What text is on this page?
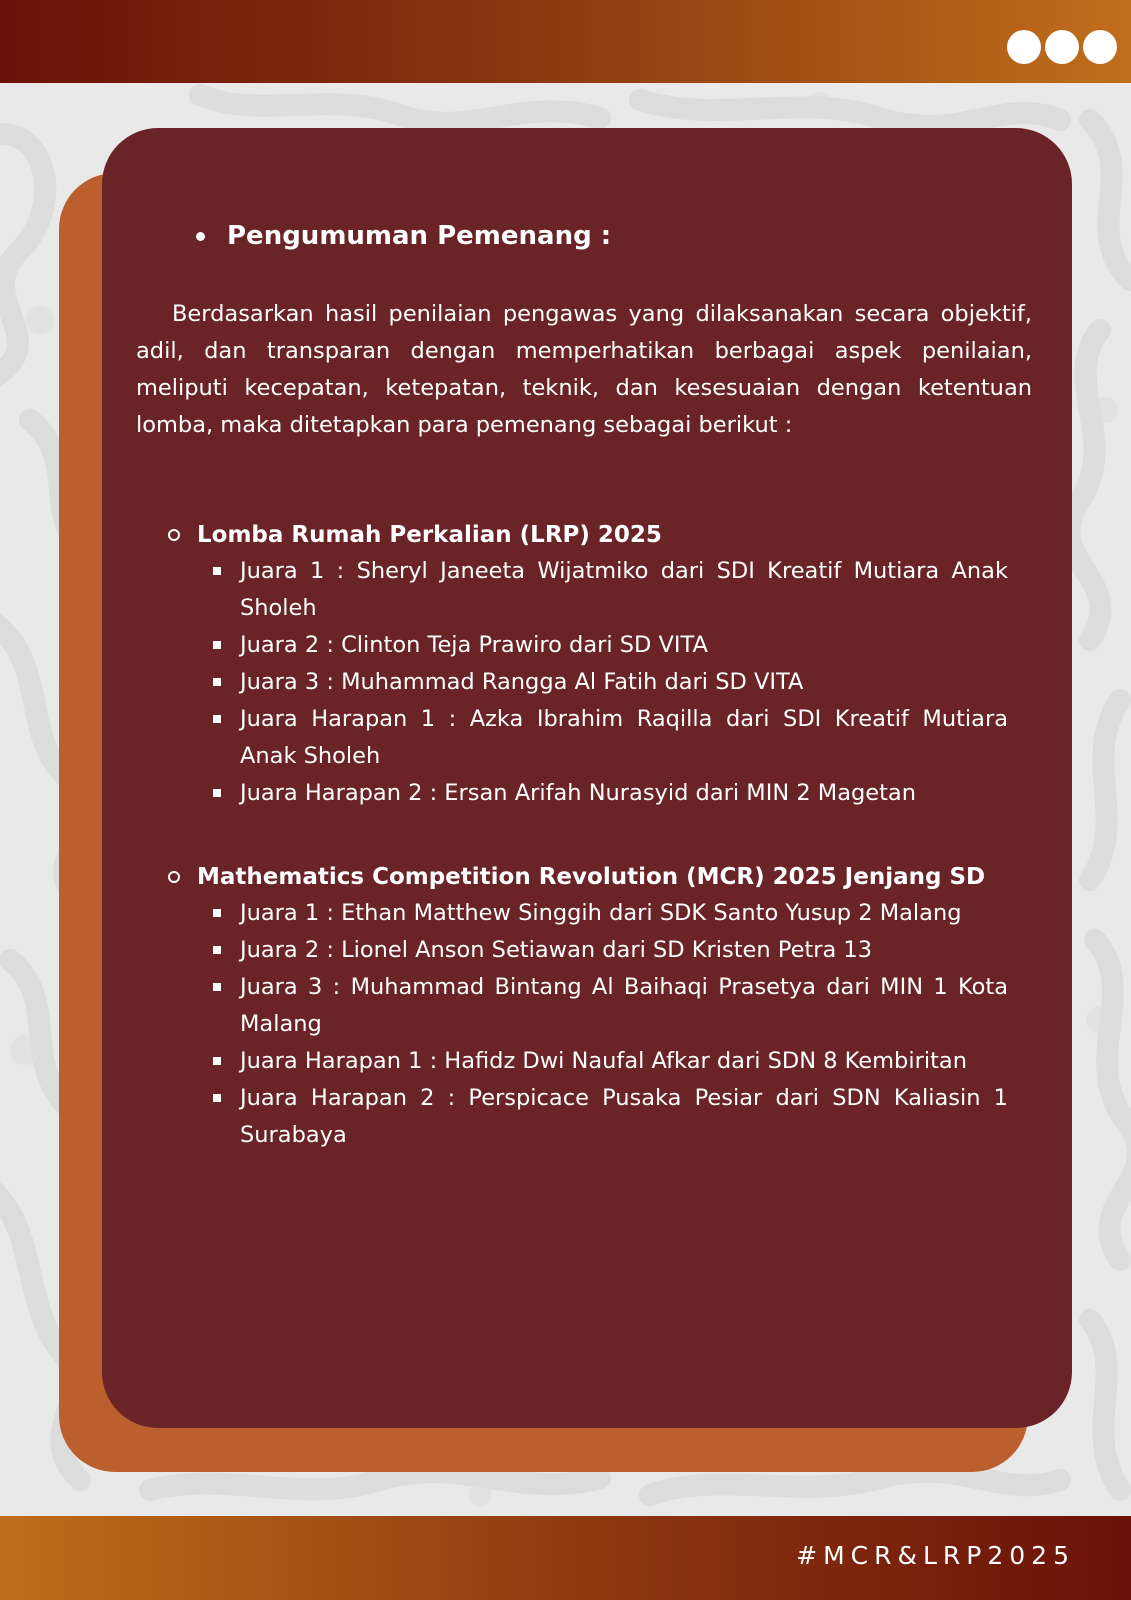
Pengumuman Pemenang :

Berdasarkan hasil penilaian pengawas yang dilaksanakan secara objektif, adil, dan transparan dengan memperhatikan berbagai aspek penilaian, meliputi kecepatan, ketepatan, teknik, dan kesesuaian dengan ketentuan lomba, maka ditetapkan para pemenang sebagai berikut :

Lomba Rumah Perkalian (LRP) 2025
Juara 1 : Sheryl Janeeta Wijatmiko dari SDI Kreatif Mutiara Anak Sholeh
Juara 2 : Clinton Teja Prawiro dari SD VITA
Juara 3 : Muhammad Rangga Al Fatih dari SD VITA
Juara Harapan 1 : Azka Ibrahim Raqilla dari SDI Kreatif Mutiara Anak Sholeh
Juara Harapan 2 : Ersan Arifah Nurasyid dari MIN 2 Magetan
Mathematics Competition Revolution (MCR) 2025 Jenjang SD
Juara 1 : Ethan Matthew Singgih dari SDK Santo Yusup 2 Malang
Juara 2 : Lionel Anson Setiawan dari SD Kristen Petra 13
Juara 3 : Muhammad Bintang Al Baihaqi Prasetya dari MIN 1 Kota Malang
Juara Harapan 1 : Hafidz Dwi Naufal Afkar dari SDN 8 Kembiritan
Juara Harapan 2 : Perspicace Pusaka Pesiar dari SDN Kaliasin 1 Surabaya
#MCR&LRP2025
